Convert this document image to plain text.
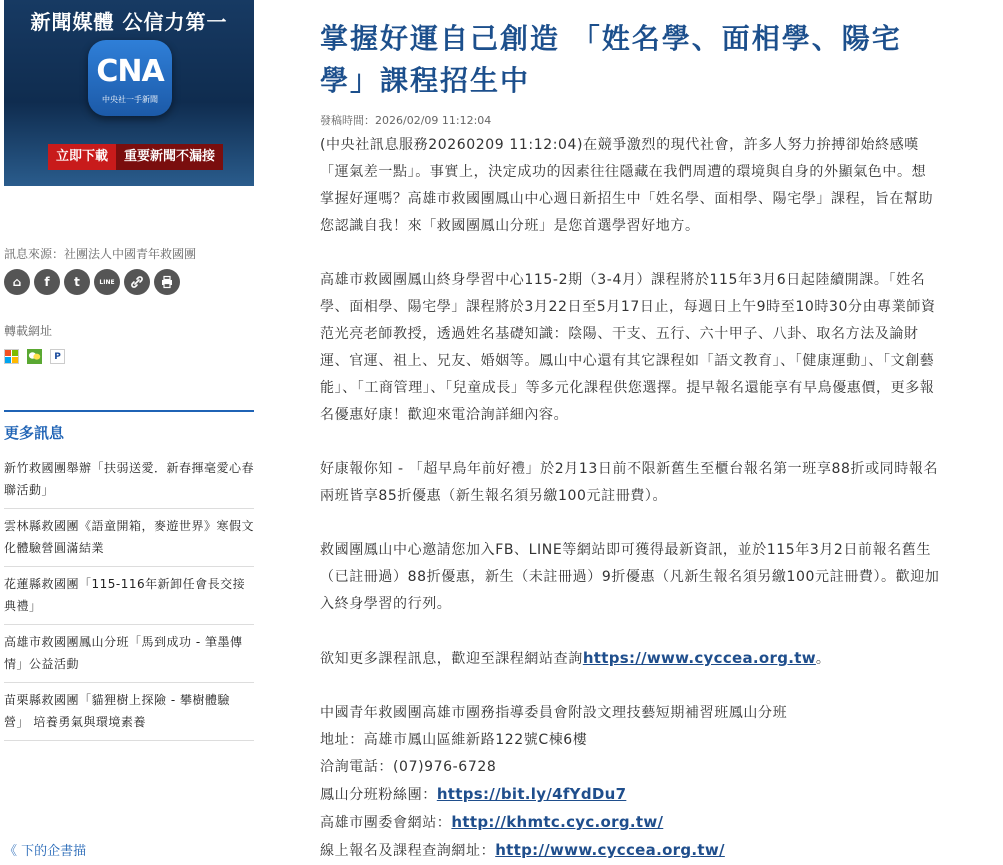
新聞媒體 公信力第一
CNA
中央社一手新聞
立即下載	重要新聞不漏接
訊息來源：社團法人中國青年救國團
⌂	f	t	LINE
轉載網址
P
更多訊息
新竹救國團舉辦「扶弱送愛．新春揮毫愛心春聯活動」
雲林縣救國團《語童開箱，麥遊世界》寒假文化體驗營圓滿結業
花蓮縣救國團「115-116年新卸任會長交接典禮」
高雄市救國團鳳山分班「馬到成功 - 筆墨傳情」公益活動
苗栗縣救國團「貓狸樹上探險 - 攀樹體驗營」 培養勇氣與環境素養
《 下的企書描
掌握好運自己創造 「姓名學、面相學、陽宅學」課程招生中
發稿時間：2026/02/09 11:12:04

(中央社訊息服務20260209 11:12:04)在競爭激烈的現代社會，許多人努力拚搏卻始終感嘆「運氣差一點」。事實上，決定成功的因素往往隱藏在我們周遭的環境與自身的外顯氣色中。想掌握好運嗎？高雄市救國團鳳山中心週日新招生中「姓名學、面相學、陽宅學」課程，旨在幫助您認識自我！來「救國團鳳山分班」是您首選學習好地方。

高雄市救國團鳳山終身學習中心115-2期（3-4月）課程將於115年3月6日起陸續開課。「姓名學、面相學、陽宅學」課程將於3月22日至5月17日止，每週日上午9時至10時30分由專業師資范光亮老師教授，透過姓名基礎知識：陰陽、干支、五行、六十甲子、八卦、取名方法及論財運、官運、祖上、兄友、婚姻等。鳳山中心還有其它課程如「語文教育」、「健康運動」、「文創藝能」、「工商管理」、「兒童成長」等多元化課程供您選擇。提早報名還能享有早鳥優惠價，更多報名優惠好康！歡迎來電洽詢詳細內容。

好康報你知 - 「超早鳥年前好禮」於2月13日前不限新舊生至櫃台報名第一班享88折或同時報名兩班皆享85折優惠（新生報名須另繳100元註冊費）。

救國團鳳山中心邀請您加入FB、LINE等網站即可獲得最新資訊，並於115年3月2日前報名舊生（已註冊過）88折優惠，新生（未註冊過）9折優惠（凡新生報名須另繳100元註冊費）。歡迎加入終身學習的行列。

欲知更多課程訊息，歡迎至課程網站查詢https://www.cyccea.org.tw。

中國青年救國團高雄市團務指導委員會附設文理技藝短期補習班鳳山分班

地址：高雄市鳳山區維新路122號C棟6樓

洽詢電話：(07)976-6728

鳳山分班粉絲團：https://bit.ly/4fYdDu7

高雄市團委會網站：http://khmtc.cyc.org.tw/

線上報名及課程查詢網址：http://www.cyccea.org.tw/
